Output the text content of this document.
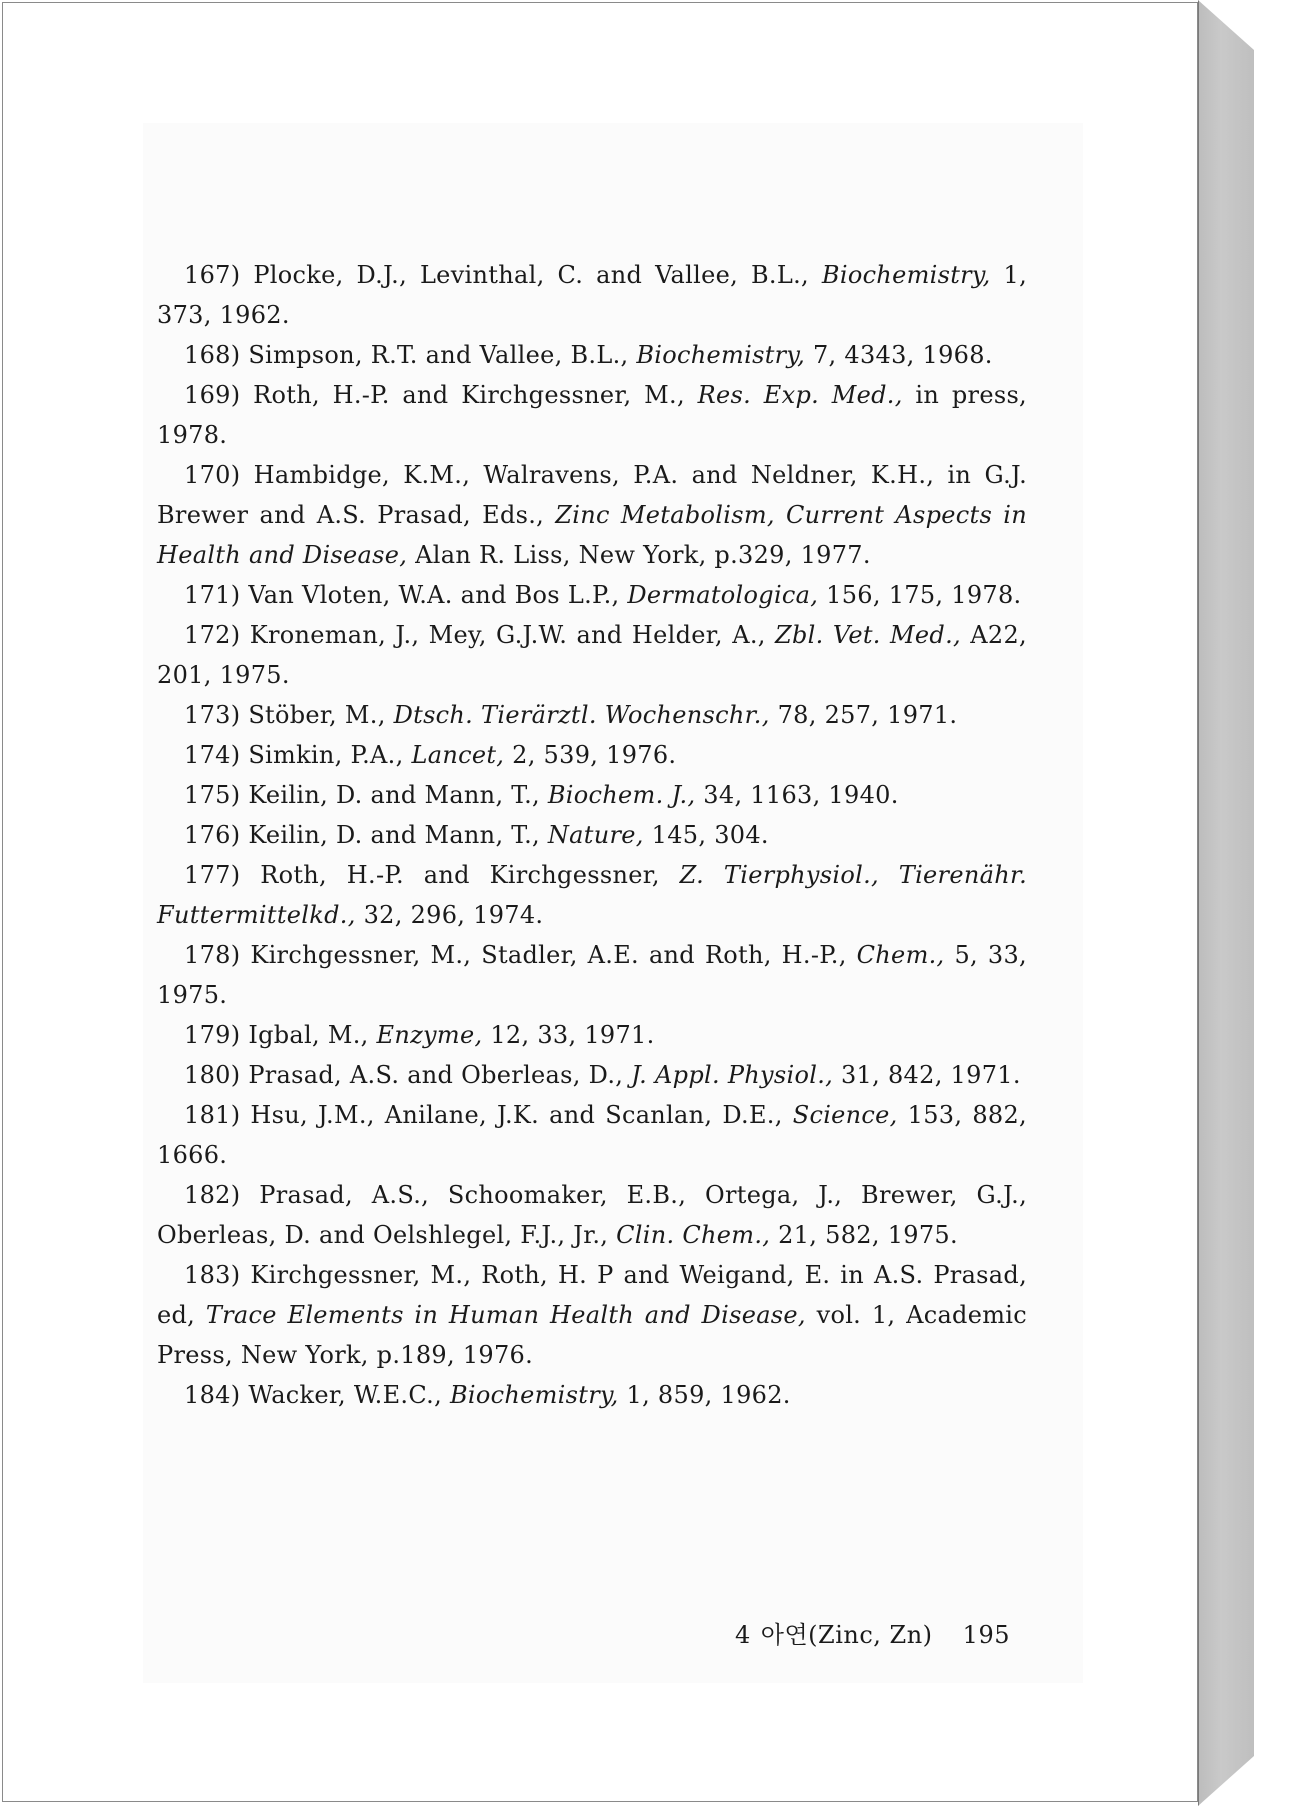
167) Plocke, D.J., Levinthal, C. and Vallee, B.L., Biochemistry, 1, 373, 1962.

168) Simpson, R.T. and Vallee, B.L., Biochemistry, 7, 4343, 1968.

169) Roth, H.-P. and Kirchgessner, M., Res. Exp. Med., in press, 1978.

170) Hambidge, K.M., Walravens, P.A. and Neldner, K.H., in G.J. Brewer and A.S. Prasad, Eds., Zinc Metabolism, Current Aspects in Health and Disease, Alan R. Liss, New York, p.329, 1977.

171) Van Vloten, W.A. and Bos L.P., Dermatologica, 156, 175, 1978.

172) Kroneman, J., Mey, G.J.W. and Helder, A., Zbl. Vet. Med., A22, 201, 1975.

173) Stöber, M., Dtsch. Tierärztl. Wochenschr., 78, 257, 1971.

174) Simkin, P.A., Lancet, 2, 539, 1976.

175) Keilin, D. and Mann, T., Biochem. J., 34, 1163, 1940.

176) Keilin, D. and Mann, T., Nature, 145, 304.

177) Roth, H.-P. and Kirchgessner, Z. Tierphysiol., Tierenähr. Futtermittelkd., 32, 296, 1974.

178) Kirchgessner, M., Stadler, A.E. and Roth, H.-P., Chem., 5, 33, 1975.

179) Igbal, M., Enzyme, 12, 33, 1971.

180) Prasad, A.S. and Oberleas, D., J. Appl. Physiol., 31, 842, 1971.

181) Hsu, J.M., Anilane, J.K. and Scanlan, D.E., Science, 153, 882, 1666.

182) Prasad, A.S., Schoomaker, E.B., Ortega, J., Brewer, G.J., Oberleas, D. and Oelshlegel, F.J., Jr., Clin. Chem., 21, 582, 1975.

183) Kirchgessner, M., Roth, H. P and Weigand, E. in A.S. Prasad, ed, Trace Elements in Human Health and Disease, vol. 1, Academic Press, New York, p.189, 1976.

184) Wacker, W.E.C., Biochemistry, 1, 859, 1962.

4 아연(Zinc, Zn) 195
